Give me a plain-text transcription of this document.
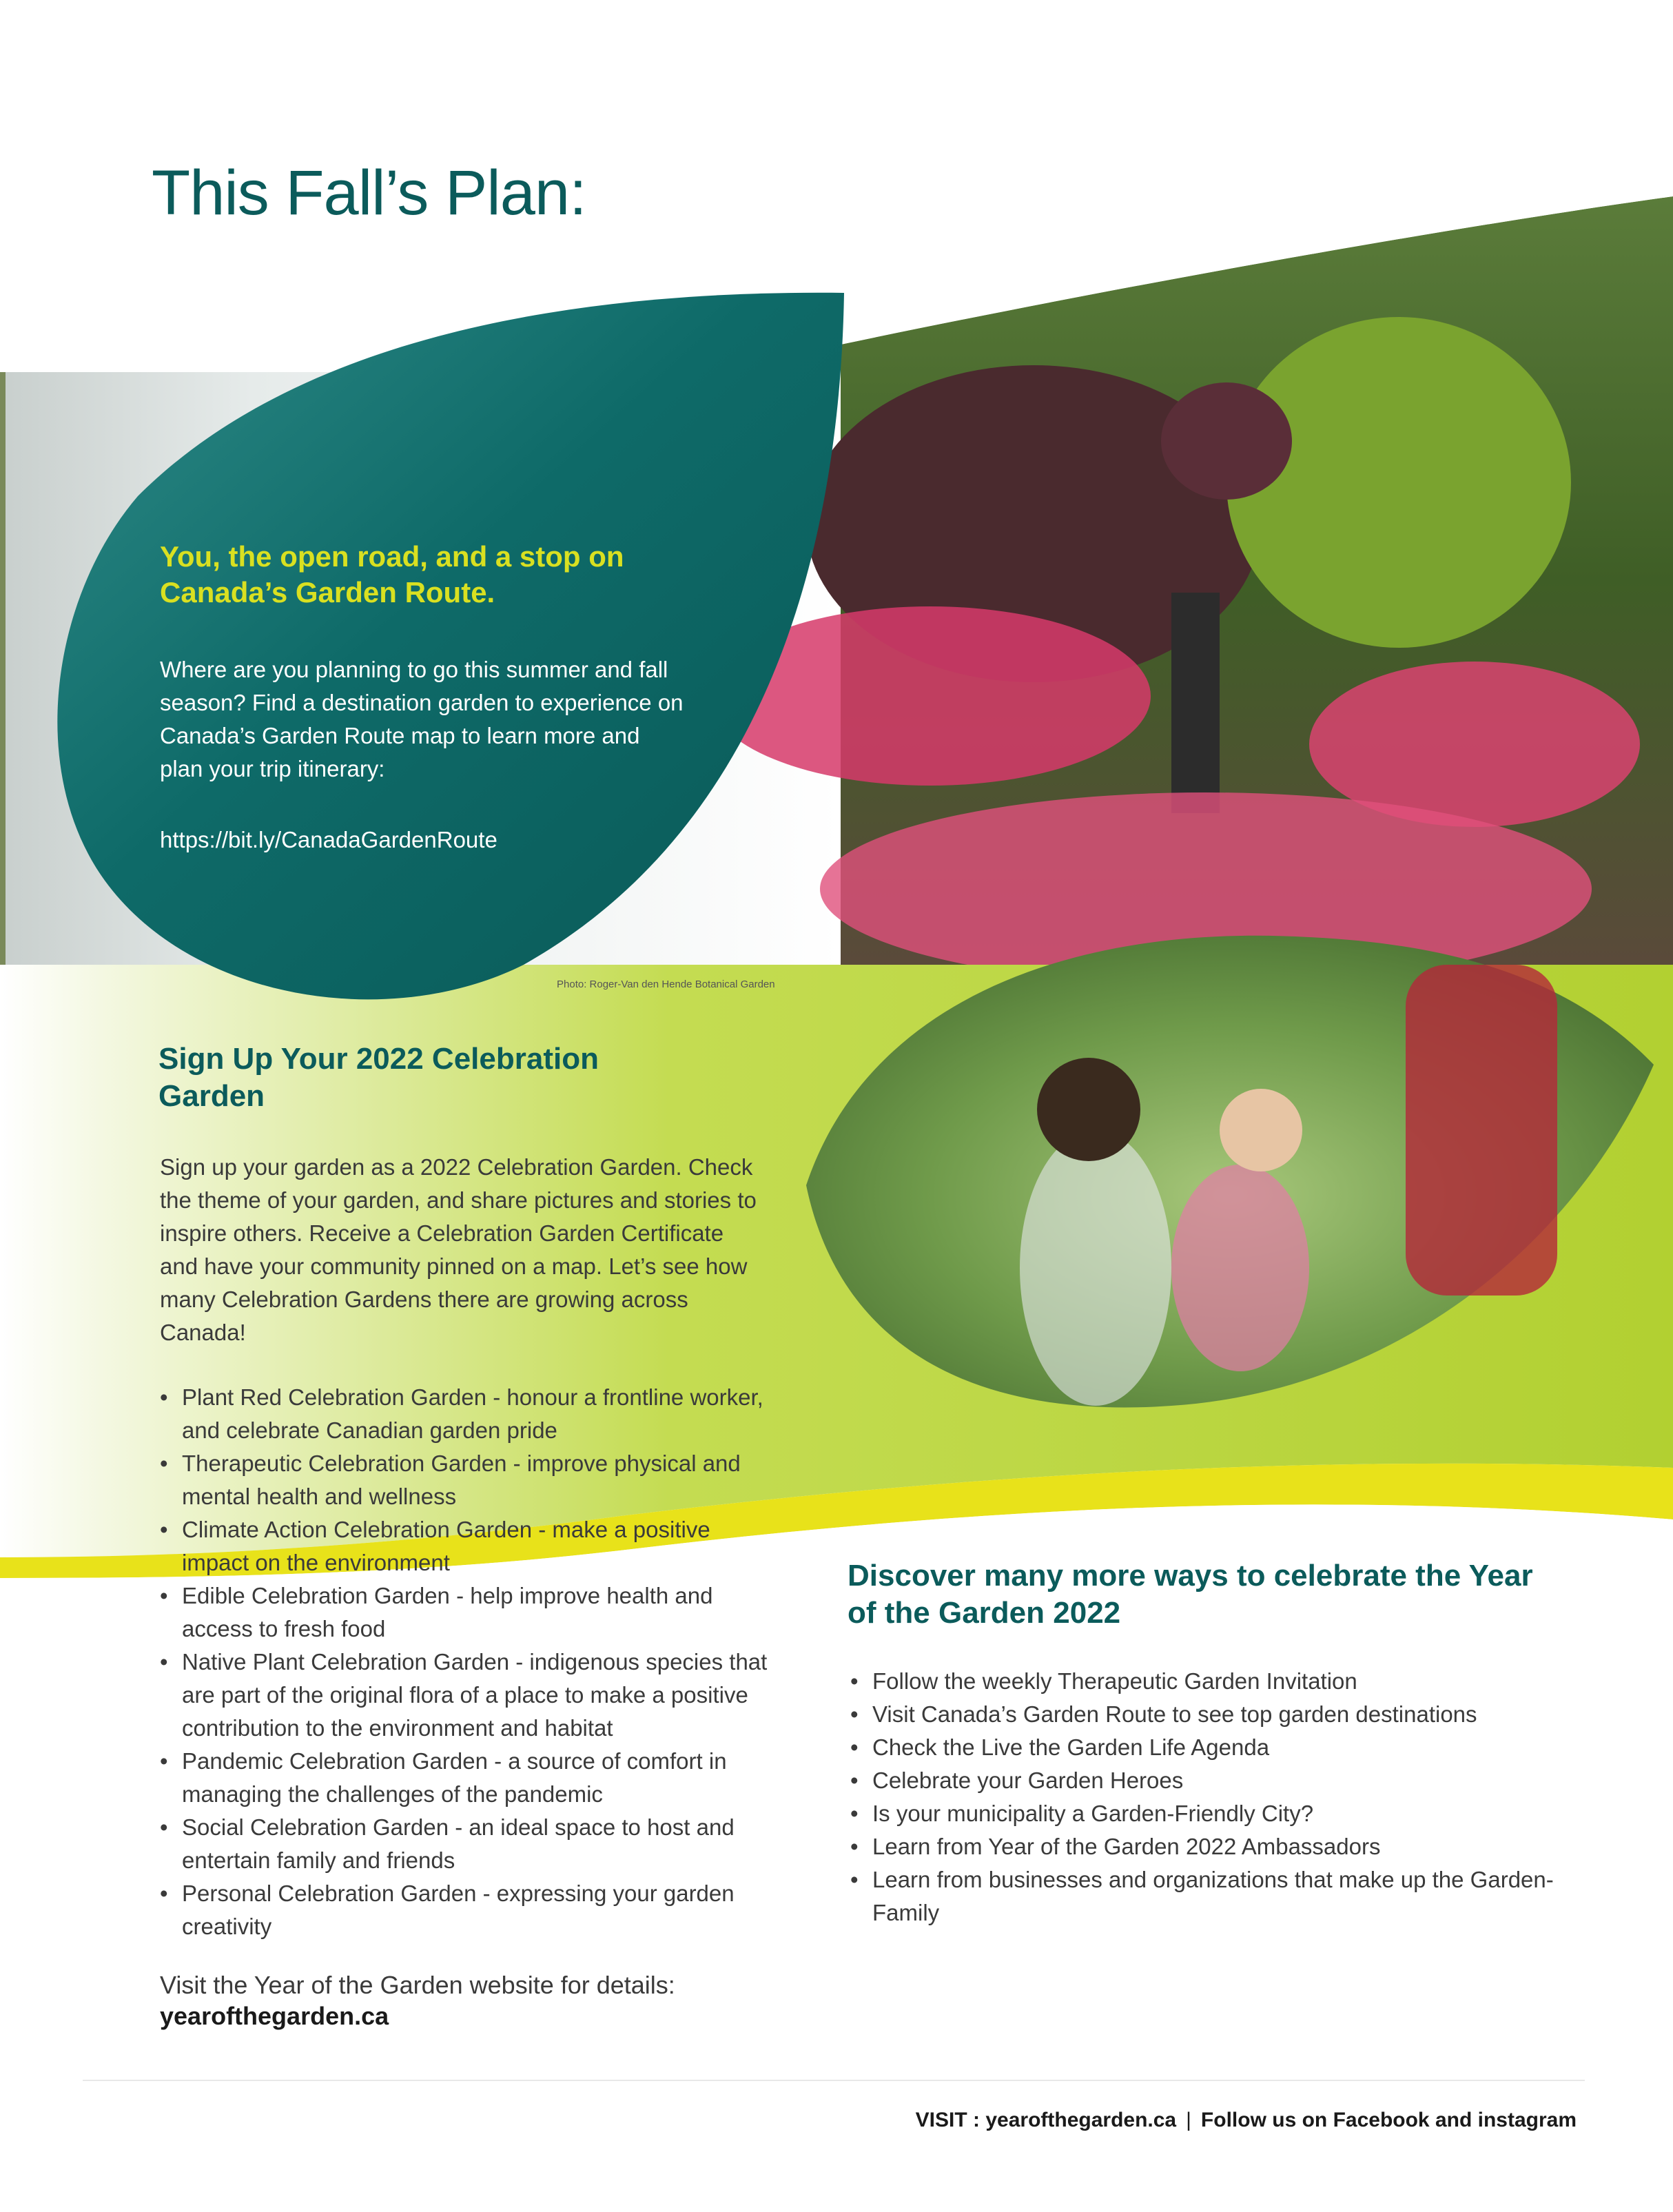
This Fall’s Plan:
You, the open road, and a stop on Canada’s Garden Route.

Where are you planning to go this summer and fall season? Find a destination garden to experience on Canada’s Garden Route map to learn more and plan your trip itinerary:

https://bit.ly/CanadaGardenRoute
Photo: Roger-Van den Hende Botanical Garden
Sign Up Your 2022 Celebration Garden

Sign up your garden as a 2022 Celebration Garden. Check the theme of your garden, and share pictures and stories to inspire others. Receive a Celebration Garden Certificate and have your community pinned on a map. Let’s see how many Celebration Gardens there are growing across Canada!

• Plant Red Celebration Garden - honour a frontline worker, and celebrate Canadian garden pride
• Therapeutic Celebration Garden - improve physical and mental health and wellness
• Climate Action Celebration Garden - make a positive impact on the environment
• Edible Celebration Garden - help improve health and access to fresh food
• Native Plant Celebration Garden - indigenous species that are part of the original flora of a place to make a positive contribution to the environment and habitat
• Pandemic Celebration Garden - a source of comfort in managing the challenges of the pandemic
• Social Celebration Garden - an ideal space to host and entertain family and friends
• Personal Celebration Garden - expressing your garden creativity
Visit the Year of the Garden website for details:
yearofthegarden.ca
Discover many more ways to celebrate the Year of the Garden 2022
• Follow the weekly Therapeutic Garden Invitation
• Visit Canada’s Garden Route to see top garden destinations
• Check the Live the Garden Life Agenda
• Celebrate your Garden Heroes
• Is your municipality a Garden-Friendly City?
• Learn from Year of the Garden 2022 Ambassadors
• Learn from businesses and organizations that make up the Garden-Family
VISIT : yearofthegarden.ca | Follow us on Facebook and instagram
